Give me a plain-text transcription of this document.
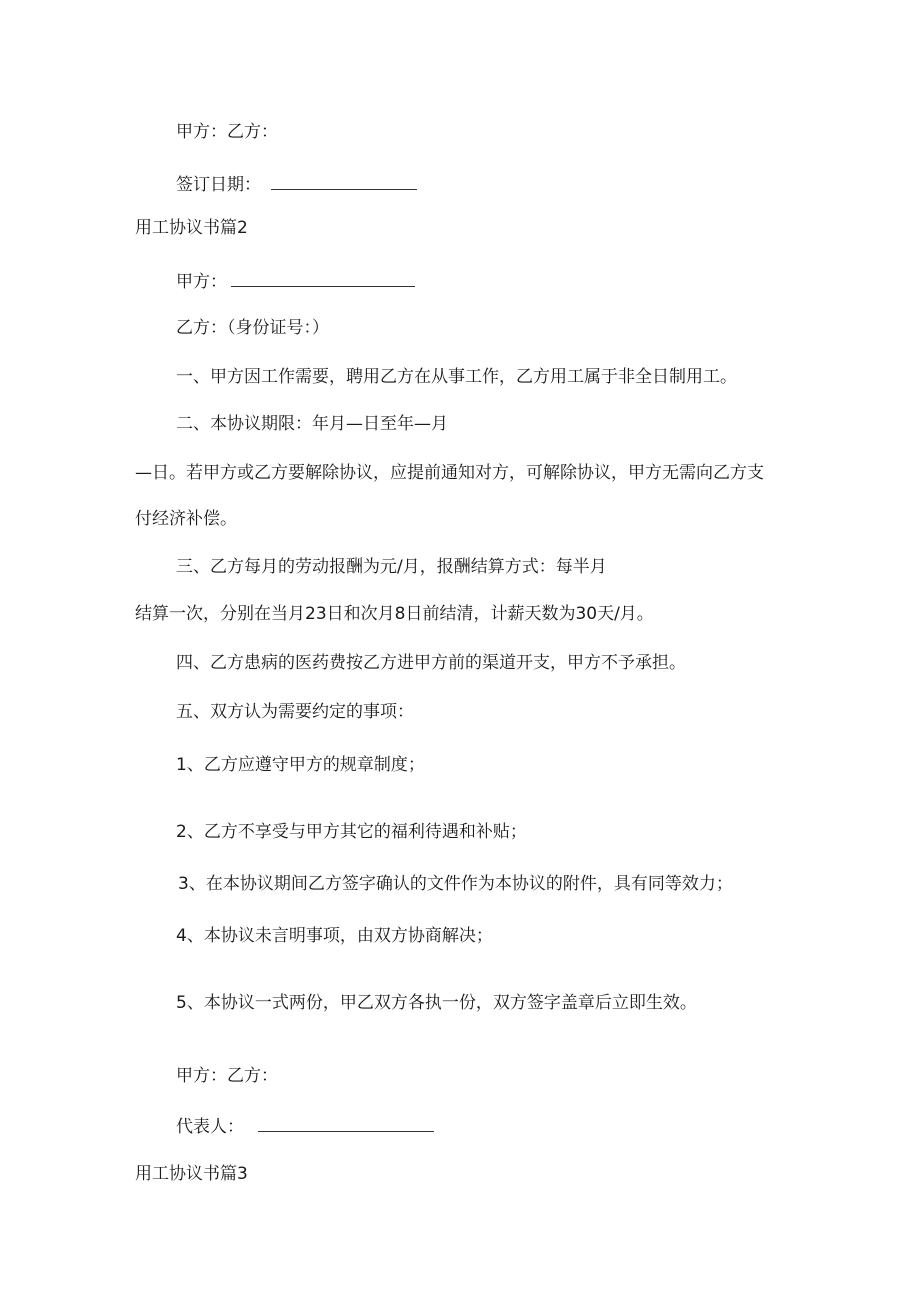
甲方：乙方：
签订日期：
用工协议书篇2
甲方：
乙方：（身份证号：）
一、甲方因工作需要，聘用乙方在从事工作，乙方用工属于非全日制用工。
二、本协议期限：年月—日至年—月
—日。若甲方或乙方要解除协议，应提前通知对方，可解除协议，甲方无需向乙方支
付经济补偿。
三、乙方每月的劳动报酬为元/月，报酬结算方式：每半月
结算一次，分别在当月23日和次月8日前结清，计薪天数为30天/月。
四、乙方患病的医药费按乙方进甲方前的渠道开支，甲方不予承担。
五、双方认为需要约定的事项：
1、乙方应遵守甲方的规章制度；
2、乙方不享受与甲方其它的福利待遇和补贴；
3、在本协议期间乙方签字确认的文件作为本协议的附件，具有同等效力；
4、本协议未言明事项，由双方协商解决；
5、本协议一式两份，甲乙双方各执一份，双方签字盖章后立即生效。
甲方：乙方：
代表人：
用工协议书篇3
